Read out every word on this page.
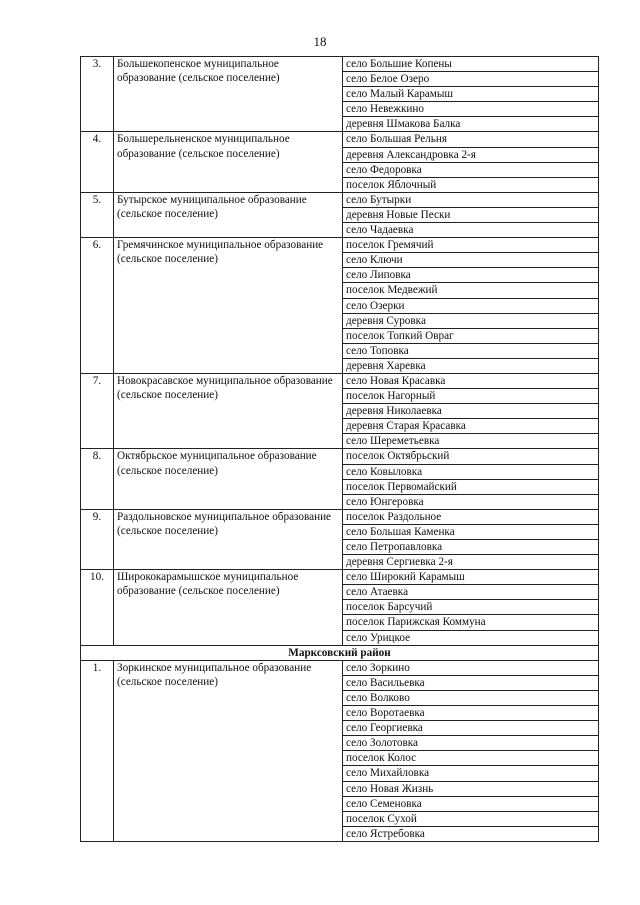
18
3.	Большекопенское муниципальное образование (сельское поселение)	село Большие Копены
		село Белое Озеро
		село Малый Карамыш
		село Невежкино
		деревня Шмакова Балка
4.	Большерельненское муниципальное образование (сельское поселение)	село Большая Рельня
		деревня Александровка 2-я
		село Федоровка
		поселок Яблочный
5.	Бутырское муниципальное образование (сельское поселение)	село Бутырки
		деревня Новые Пески
		село Чадаевка
6.	Гремячинское муниципальное образование (сельское поселение)	поселок Гремячий
		село Ключи
		село Липовка
		поселок Медвежий
		село Озерки
		деревня Суровка
		поселок Топкий Овраг
		село Топовка
		деревня Харевка
7.	Новокрасавское муниципальное образование (сельское поселение)	село Новая Красавка
		поселок Нагорный
		деревня Николаевка
		деревня Старая Красавка
		село Шереметьевка
8.	Октябрьское муниципальное образование (сельское поселение)	поселок Октябрьский
		село Ковыловка
		поселок Первомайский
		село Юнгеровка
9.	Раздольновское муниципальное образование (сельское поселение)	поселок Раздольное
		село Большая Каменка
		село Петропавловка
		деревня Сергиевка 2-я
10.	Ширококарамышское муниципальное образование (сельское поселение)	село Широкий Карамыш
		село Атаевка
		поселок Барсучий
		поселок Парижская Коммуна
		село Урицкое
Марксовский район		
1.	Зоркинское муниципальное образование (сельское поселение)	село Зоркино
		село Васильевка
		село Волково
		село Воротаевка
		село Георгиевка
		село Золотовка
		поселок Колос
		село Михайловка
		село Новая Жизнь
		село Семеновка
		поселок Сухой
		село Ястребовка
